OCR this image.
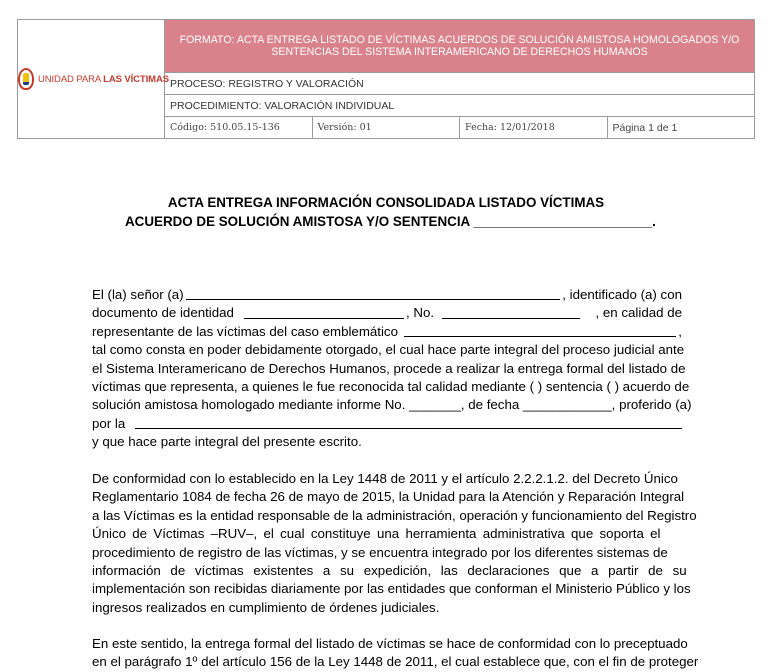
UNIDAD PARA LAS VÍCTIMAS	FORMATO: ACTA ENTREGA LISTADO DE VÍCTIMAS ACUERDOS DE SOLUCIÓN AMISTOSA HOMOLOGADOS Y/O SENTENCIAS DEL SISTEMA INTERAMERICANO DE DERECHOS HUMANOS			
	PROCESO: REGISTRO Y VALORACIÓN			
	PROCEDIMIENTO: VALORACIÓN INDIVIDUAL			
	Código: 510.05.15-136	Versión: 01	Fecha: 12/01/2018	Página 1 de 1
ACTA ENTREGA INFORMACIÓN CONSOLIDADA LISTADO VÍCTIMAS
ACUERDO DE SOLUCIÓN AMISTOSA Y/O SENTENCIA ________________________.
El (la) señor (a)	, identificado (a) con
documento de identidad	, No.	, en calidad de
representante de las víctimas del caso emblemático	,
tal como consta en poder debidamente otorgado, el cual hace parte integral del proceso judicial ante
el Sistema Interamericano de Derechos Humanos, procede a realizar la entrega formal del listado de
víctimas que representa, a quienes le fue reconocida tal calidad mediante ( ) sentencia ( ) acuerdo de
solución amistosa homologado mediante informe No. _______, de fecha ____________, proferido (a)
por la
y que hace parte integral del presente escrito.
De conformidad con lo establecido en la Ley 1448 de 2011 y el artículo 2.2.2.1.2. del Decreto Único
Reglamentario 1084 de fecha 26 de mayo de 2015, la Unidad para la Atención y Reparación Integral
a las Víctimas es la entidad responsable de la administración, operación y funcionamiento del Registro
Único de Víctimas –RUV–, el cual constituye una herramienta administrativa que soporta el
procedimiento de registro de las víctimas, y se encuentra integrado por los diferentes sistemas de
información de víctimas existentes a su expedición, las declaraciones que a partir de su
implementación son recibidas diariamente por las entidades que conforman el Ministerio Público y los
ingresos realizados en cumplimiento de órdenes judiciales.
En este sentido, la entrega formal del listado de víctimas se hace de conformidad con lo preceptuado
en el parágrafo 1º del artículo 156 de la Ley 1448 de 2011, el cual establece que, con el fin de proteger
